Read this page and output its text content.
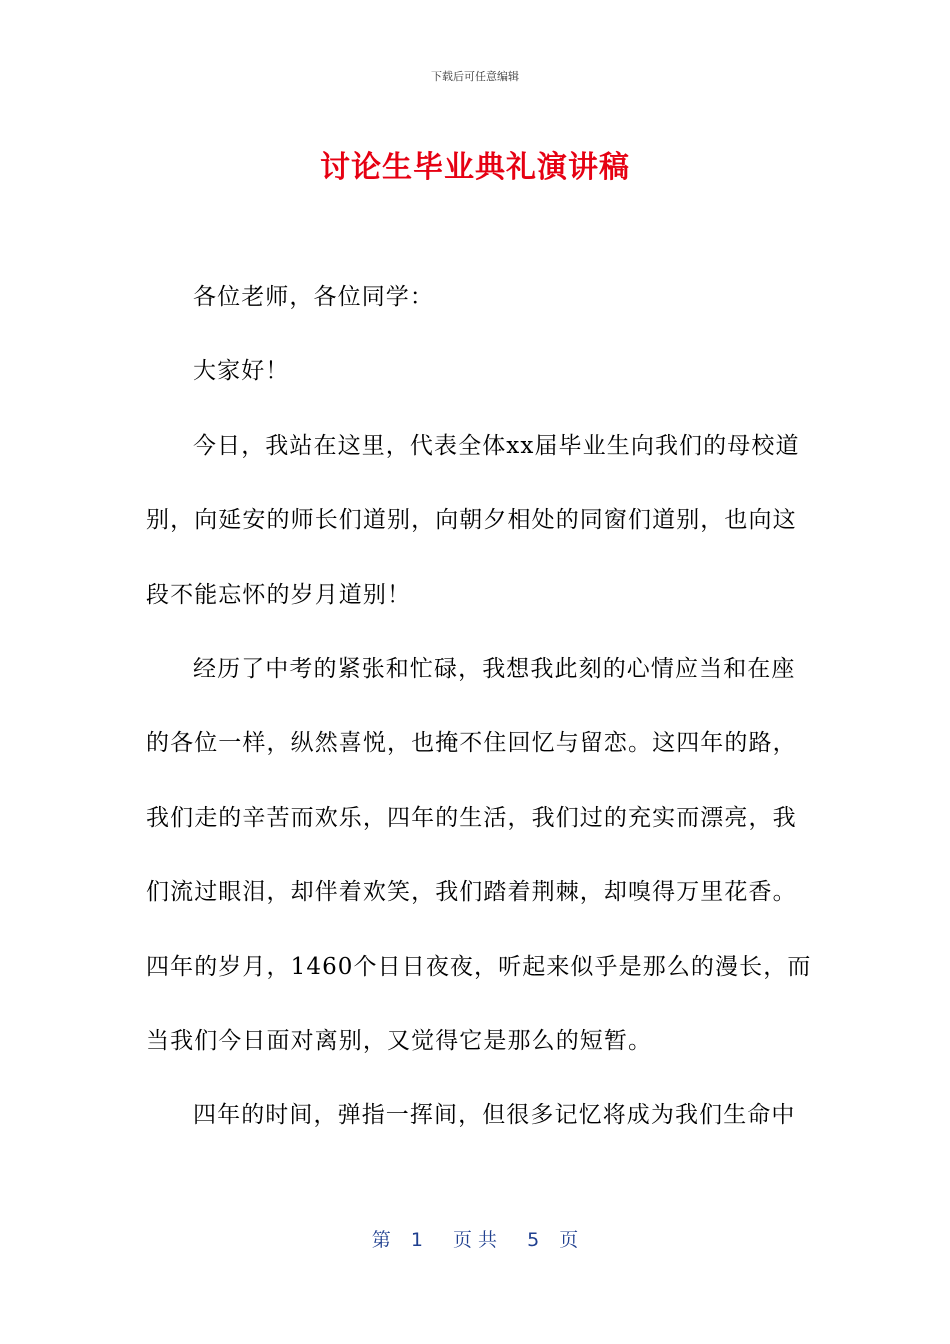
下载后可任意编辑
讨论生毕业典礼演讲稿
各位老师，各位同学：
大家好！
今日，我站在这里，代表全体xx届毕业生向我们的母校道
别，向延安的师长们道别，向朝夕相处的同窗们道别，也向这
段不能忘怀的岁月道别！
经历了中考的紧张和忙碌，我想我此刻的心情应当和在座
的各位一样，纵然喜悦，也掩不住回忆与留恋。这四年的路，
我们走的辛苦而欢乐，四年的生活，我们过的充实而漂亮，我
们流过眼泪，却伴着欢笑，我们踏着荆棘，却嗅得万里花香。
四年的岁月，1460个日日夜夜，听起来似乎是那么的漫长，而
当我们今日面对离别，又觉得它是那么的短暂。
四年的时间，弹指一挥间，但很多记忆将成为我们生命中
第 1 页 共 5 页
